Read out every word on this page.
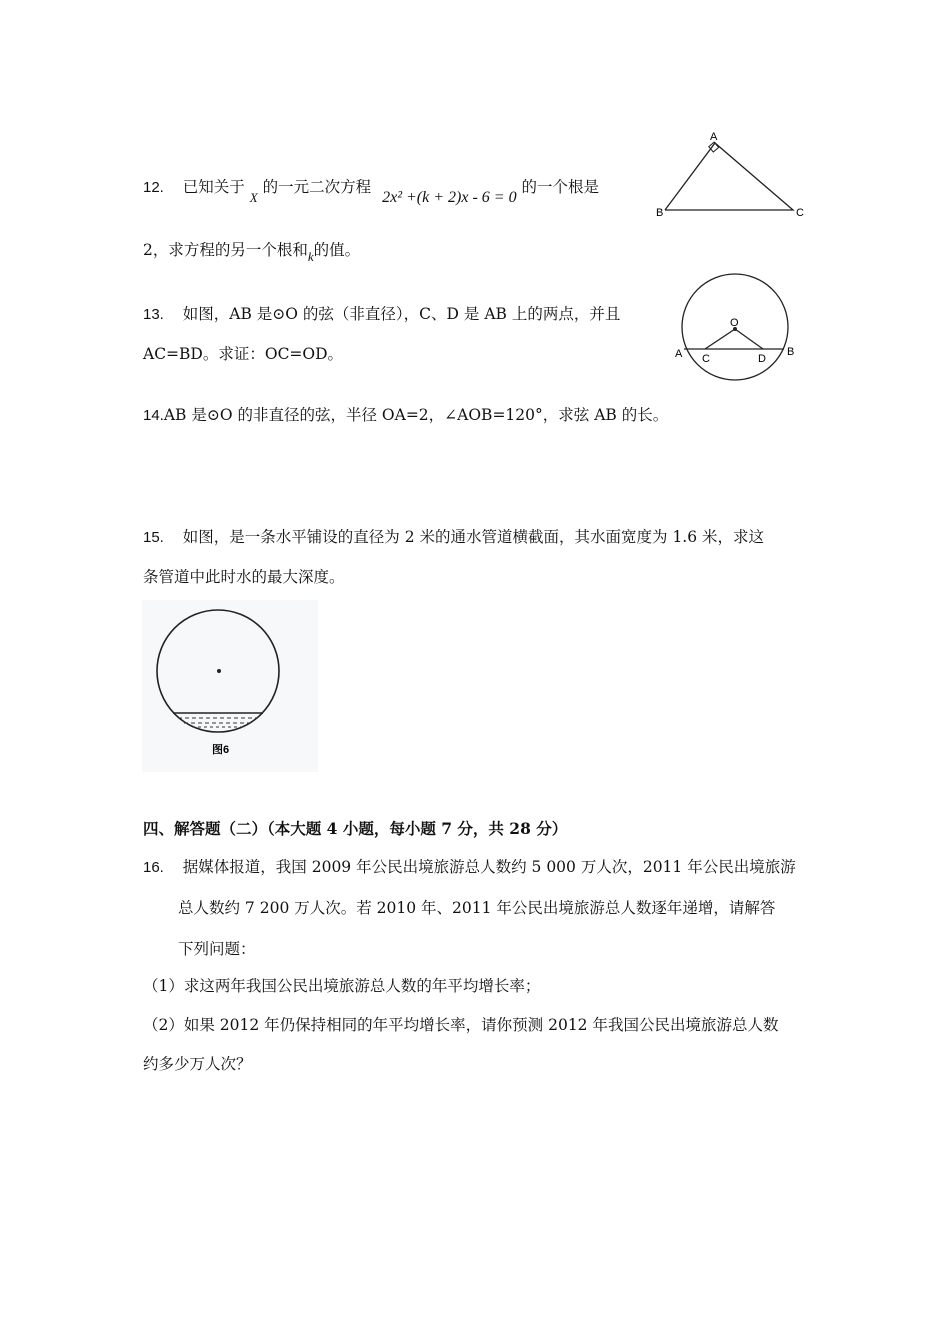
12. 已知关于 $_X$ 的一元二次方程 2x² +(k + 2)x - 6 = 0 的一个根是
2，求方程的另一个根和$_k$的值。
A
B	C
13. 如图，AB 是⊙O 的弦（非直径），C、D 是 AB 上的两点，并且
AC=BD。求证：OC=OD。
O
A	B
C	D
14.AB 是⊙O 的非直径的弦，半径 OA=2，∠AOB=120°，求弦 AB 的长。
15. 如图，是一条水平铺设的直径为 2 米的通水管道横截面，其水面宽度为 1.6 米，求这
条管道中此时水的最大深度。
图6
四、解答题（二）（本大题 4 小题，每小题 7 分，共 28 分）
16. 据媒体报道，我国 2009 年公民出境旅游总人数约 5 000 万人次，2011 年公民出境旅游
总人数约 7 200 万人次。若 2010 年、2011 年公民出境旅游总人数逐年递增，请解答
下列问题：
（1）求这两年我国公民出境旅游总人数的年平均增长率；
（2）如果 2012 年仍保持相同的年平均增长率，请你预测 2012 年我国公民出境旅游总人数
约多少万人次？
